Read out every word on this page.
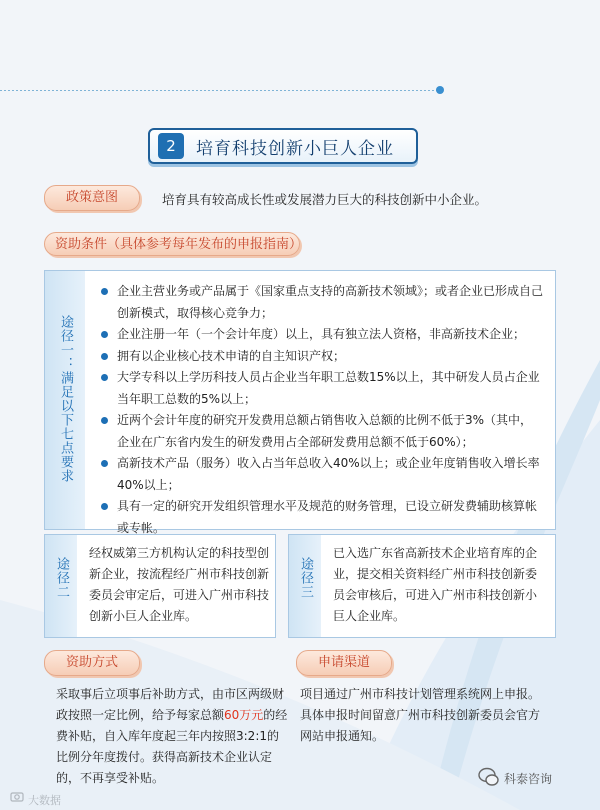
2	培育科技创新小巨人企业
政策意图	培育具有较高成长性或发展潜力巨大的科技创新中小企业。
资助条件（具体参考每年发布的申报指南）
途径一：满足以下七点要求
企业主营业务或产品属于《国家重点支持的高新技术领域》；或者企业已形成自己创新模式，取得核心竞争力；
企业注册一年（一个会计年度）以上，具有独立法人资格，非高新技术企业；
拥有以企业核心技术申请的自主知识产权；
大学专科以上学历科技人员占企业当年职工总数15%以上，其中研发人员占企业当年职工总数的5%以上；
近两个会计年度的研究开发费用总额占销售收入总额的比例不低于3%（其中，企业在广东省内发生的研发费用占全部研发费用总额不低于60%）；
高新技术产品（服务）收入占当年总收入40%以上；或企业年度销售收入增长率40%以上；
具有一定的研究开发组织管理水平及规范的财务管理，已设立研发费辅助核算帐或专帐。
途径二
经权威第三方机构认定的科技型创新企业，按流程经广州市科技创新委员会审定后，可进入广州市科技创新小巨人企业库。
途径三
已入选广东省高新技术企业培育库的企业，提交相关资料经广州市科技创新委员会审核后，可进入广州市科技创新小巨人企业库。
资助方式
采取事后立项事后补助方式，由市区两级财政按照一定比例，给予每家总额60万元的经费补贴，自入库年度起三年内按照3:2:1的比例分年度拨付。获得高新技术企业认定的，不再享受补贴。
申请渠道
项目通过广州市科技计划管理系统网上申报。具体申报时间留意广州市科技创新委员会官方网站申报通知。
科泰咨询
大数据
